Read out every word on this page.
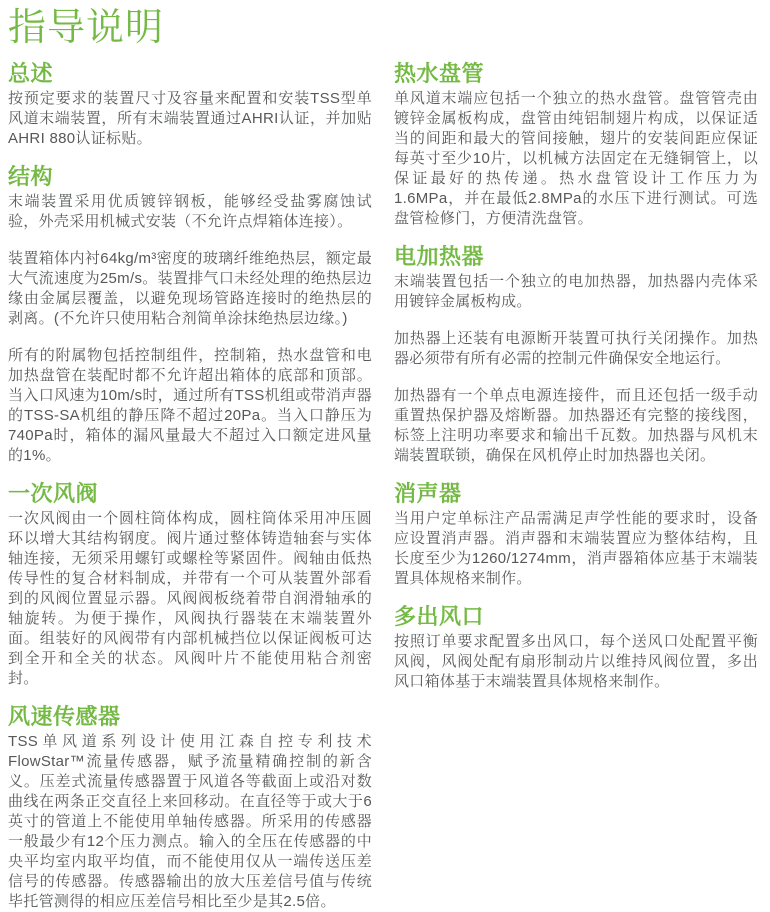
指导说明
总述

按预定要求的装置尺寸及容量来配置和安装TSS型单风道末端装置，所有末端装置通过AHRI认证，并加贴AHRI 880认证标贴。

结构

末端装置采用优质镀锌钢板，能够经受盐雾腐蚀试验，外壳采用机械式安装（不允许点焊箱体连接）。

装置箱体内衬64kg/m³密度的玻璃纤维绝热层，额定最大气流速度为25m/s。装置排气口未经处理的绝热层边缘由金属层覆盖，以避免现场管路连接时的绝热层的剥离。(不允许只使用粘合剂简单涂抹绝热层边缘。)

所有的附属物包括控制组件，控制箱，热水盘管和电加热盘管在装配时都不允许超出箱体的底部和顶部。当入口风速为10m/s时，通过所有TSS机组或带消声器的TSS-SA机组的静压降不超过20Pa。当入口静压为740Pa时，箱体的漏风量最大不超过入口额定进风量的1%。

一次风阀

一次风阀由一个圆柱筒体构成，圆柱筒体采用冲压圆环以增大其结构钢度。阀片通过整体铸造轴套与实体轴连接，无须采用螺钉或螺栓等紧固件。阀轴由低热传导性的复合材料制成，并带有一个可从装置外部看到的风阀位置显示器。风阀阀板绕着带自润滑轴承的轴旋转。为便于操作，风阀执行器装在末端装置外面。组装好的风阀带有内部机械挡位以保证阀板可达到全开和全关的状态。风阀叶片不能使用粘合剂密封。

风速传感器

TSS单风道系列设计使用江森自控专利技术FlowStar™流量传感器，赋予流量精确控制的新含义。压差式流量传感器置于风道各等截面上或沿对数曲线在两条正交直径上来回移动。在直径等于或大于6英寸的管道上不能使用单轴传感器。所采用的传感器一般最少有12个压力测点。输入的全压在传感器的中央平均室内取平均值，而不能使用仅从一端传送压差信号的传感器。传感器输出的放大压差信号值与传统毕托管测得的相应压差信号相比至少是其2.5倍。

热水盘管

单风道末端应包括一个独立的热水盘管。盘管管壳由镀锌金属板构成，盘管由纯铝制翅片构成，以保证适当的间距和最大的管间接触，翅片的安装间距应保证每英寸至少10片，以机械方法固定在无缝铜管上，以保证最好的热传递。热水盘管设计工作压力为1.6MPa，并在最低2.8MPa的水压下进行测试。可选盘管检修门，方便清洗盘管。

电加热器

末端装置包括一个独立的电加热器，加热器内壳体采用镀锌金属板构成。

加热器上还装有电源断开装置可执行关闭操作。加热器必须带有所有必需的控制元件确保安全地运行。

加热器有一个单点电源连接件，而且还包括一级手动重置热保护器及熔断器。加热器还有完整的接线图，标签上注明功率要求和输出千瓦数。加热器与风机末端装置联锁，确保在风机停止时加热器也关闭。

消声器

当用户定单标注产品需满足声学性能的要求时，设备应设置消声器。消声器和末端装置应为整体结构，且长度至少为1260/1274mm，消声器箱体应基于末端装置具体规格来制作。

多出风口

按照订单要求配置多出风口，每个送风口处配置平衡风阀，风阀处配有扇形制动片以维持风阀位置，多出风口箱体基于末端装置具体规格来制作。
